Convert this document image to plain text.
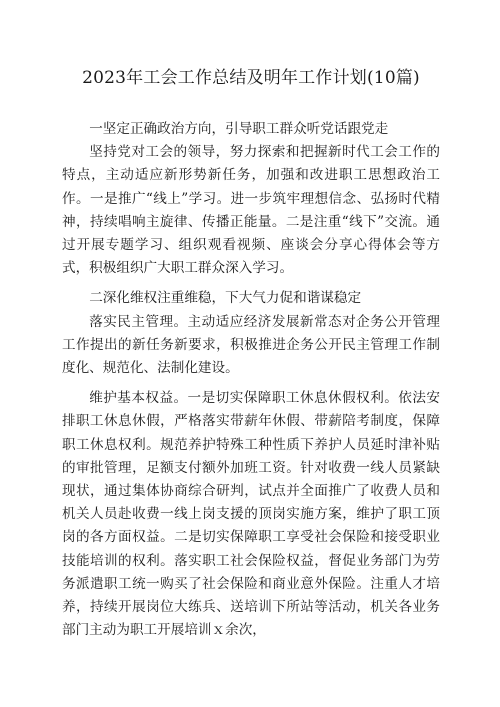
2023年工会工作总结及明年工作计划(10篇)

一坚定正确政治方向，引导职工群众听党话跟党走

坚持党对工会的领导，努力探索和把握新时代工会工作的特点，主动适应新形势新任务，加强和改进职工思想政治工作。一是推广“线上”学习。进一步筑牢理想信念、弘扬时代精神，持续唱响主旋律、传播正能量。二是注重“线下”交流。通过开展专题学习、组织观看视频、座谈会分享心得体会等方式，积极组织广大职工群众深入学习。

二深化维权注重维稳，下大气力促和谐谋稳定

落实民主管理。主动适应经济发展新常态对企务公开管理工作提出的新任务新要求，积极推进企务公开民主管理工作制度化、规范化、法制化建设。

维护基本权益。一是切实保障职工休息休假权利。依法安排职工休息休假，严格落实带薪年休假、带薪陪考制度，保障职工休息权利。规范养护特殊工种性质下养护人员延时津补贴的审批管理，足额支付额外加班工资。针对收费一线人员紧缺现状，通过集体协商综合研判，试点并全面推广了收费人员和机关人员赴收费一线上岗支援的顶岗实施方案，维护了职工顶岗的各方面权益。二是切实保障职工享受社会保险和接受职业技能培训的权利。落实职工社会保险权益，督促业务部门为劳务派遣职工统一购买了社会保险和商业意外保险。注重人才培养，持续开展岗位大练兵、送培训下所站等活动，机关各业务部门主动为职工开展培训ｘ余次，
